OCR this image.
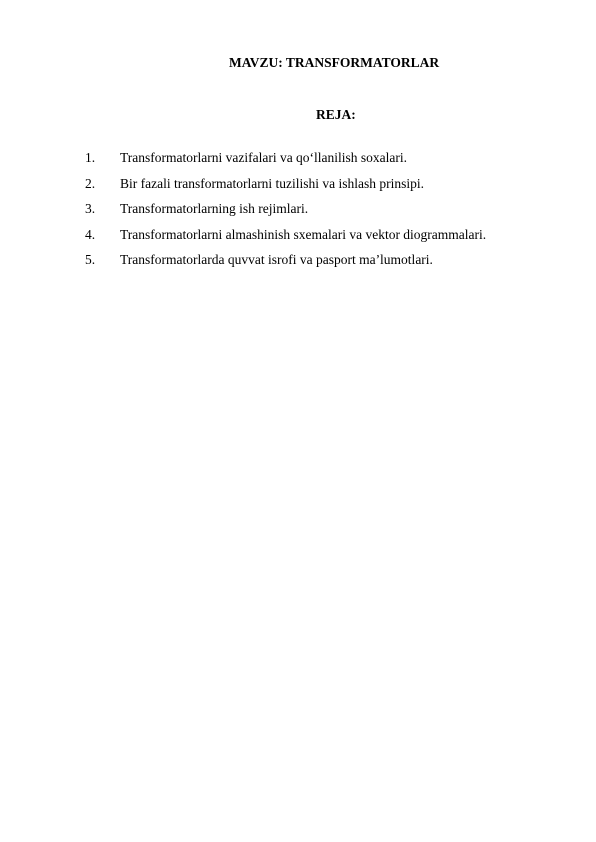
MAVZU: TRANSFORMATORLAR
REJA:
1. Transformatorlarni vazifalari va qo‘llanilish soxalari.
2. Bir fazali transformatorlarni tuzilishi va ishlash prinsipi.
3. Transformatorlarning ish rejimlari.
4. Transformatorlarni almashinish sxemalari va vektor diogrammalari.
5. Transformatorlarda quvvat isrofi va pasport ma’lumotlari.
